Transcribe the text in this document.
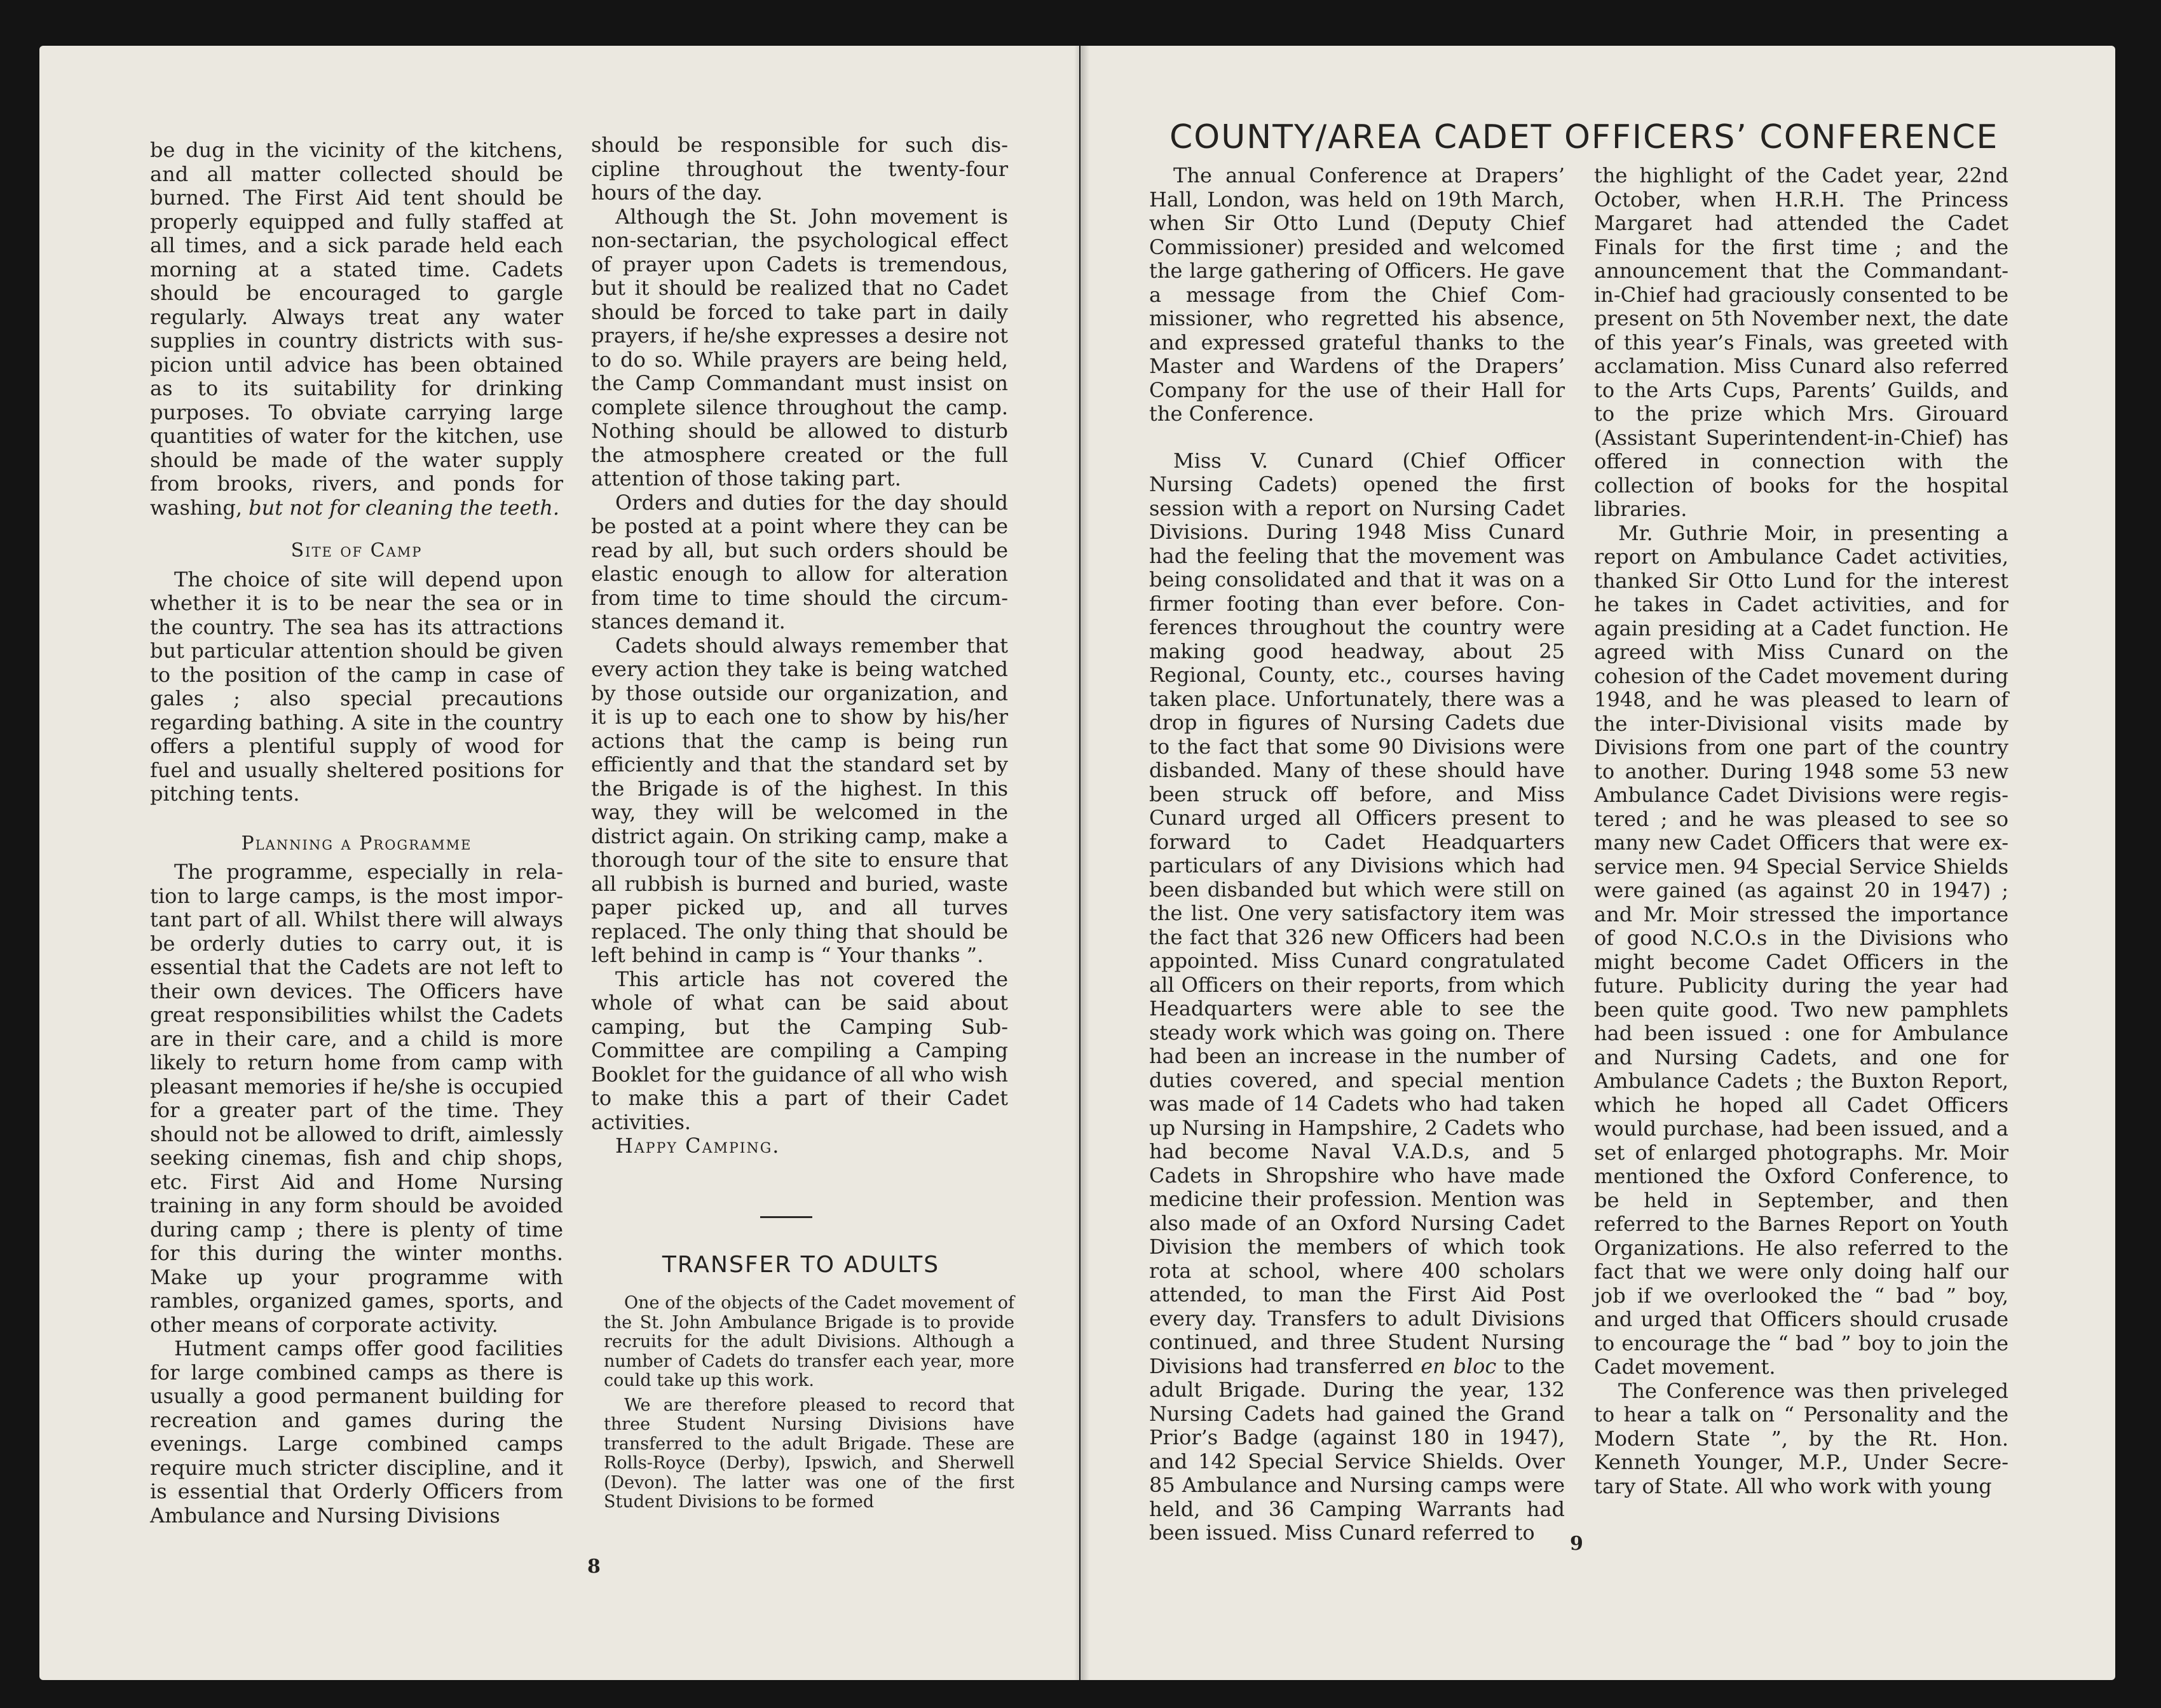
be dug in the vicinity of the kitchens, and all matter collected should be burned. The First Aid tent should be properly equipped and fully staffed at all times, and a sick parade held each morning at a stated time. Cadets should be encouraged to gargle regularly. Always treat any water supplies in country districts with suspicion until advice has been obtained as to its suitability for drinking purposes. To obviate carrying large quantities of water for the kitchen, use should be made of the water supply from brooks, rivers, and ponds for washing, but not for cleaning the teeth.

Site of Camp

The choice of site will depend upon whether it is to be near the sea or in the country. The sea has its attractions but particular attention should be given to the position of the camp in case of gales ; also special precautions regarding bathing. A site in the country offers a plentiful supply of wood for fuel and usually sheltered positions for pitching tents.

Planning a Programme

The programme, especially in relation to large camps, is the most important part of all. Whilst there will always be orderly duties to carry out, it is essential that the Cadets are not left to their own devices. The Officers have great responsibilities whilst the Cadets are in their care, and a child is more likely to return home from camp with pleasant memories if he/she is occupied for a greater part of the time. They should not be allowed to drift, aimlessly seeking cinemas, fish and chip shops, etc. First Aid and Home Nursing training in any form should be avoided during camp ; there is plenty of time for this during the winter months. Make up your programme with rambles, organized games, sports, and other means of corporate activity.

Hutment camps offer good facilities for large combined camps as there is usually a good permanent building for recreation and games during the evenings. Large combined camps require much stricter discipline, and it is essential that Orderly Officers from Ambulance and Nursing Divisions

should be responsible for such discipline throughout the twenty-four hours of the day.

Although the St. John movement is non-sectarian, the psychological effect of prayer upon Cadets is tremendous, but it should be realized that no Cadet should be forced to take part in daily prayers, if he/she expresses a desire not to do so. While prayers are being held, the Camp Commandant must insist on complete silence throughout the camp. Nothing should be allowed to disturb the atmosphere created or the full attention of those taking part.

Orders and duties for the day should be posted at a point where they can be read by all, but such orders should be elastic enough to allow for alteration from time to time should the circumstances demand it.

Cadets should always remember that every action they take is being watched by those outside our organization, and it is up to each one to show by his/her actions that the camp is being run efficiently and that the standard set by the Brigade is of the highest. In this way, they will be welcomed in the district again. On striking camp, make a thorough tour of the site to ensure that all rubbish is burned and buried, waste paper picked up, and all turves replaced. The only thing that should be left behind in camp is “ Your thanks ”.

This article has not covered the whole of what can be said about camping, but the Camping Sub-Committee are compiling a Camping Booklet for the guidance of all who wish to make this a part of their Cadet activities.

Happy Camping.
TRANSFER TO ADULTS

One of the objects of the Cadet movement of the St. John Ambulance Brigade is to provide recruits for the adult Divisions. Although a number of Cadets do transfer each year, more could take up this work.

We are therefore pleased to record that three Student Nursing Divisions have transferred to the adult Brigade. These are Rolls-Royce (Derby), Ipswich, and Sherwell (Devon). The latter was one of the first Student Divisions to be formed

8
COUNTY/AREA CADET OFFICERS’ CONFERENCE

The annual Conference at Drapers’ Hall, London, was held on 19th March, when Sir Otto Lund (Deputy Chief Commissioner) presided and welcomed the large gathering of Officers. He gave a message from the Chief Commissioner, who regretted his absence, and expressed grateful thanks to the Master and Wardens of the Drapers’ Company for the use of their Hall for the Conference.

Miss V. Cunard (Chief Officer Nursing Cadets) opened the first session with a report on Nursing Cadet Divisions. During 1948 Miss Cunard had the feeling that the movement was being consolidated and that it was on a firmer footing than ever before. Conferences throughout the country were making good headway, about 25 Regional, County, etc., courses having taken place. Unfortunately, there was a drop in figures of Nursing Cadets due to the fact that some 90 Divisions were disbanded. Many of these should have been struck off before, and Miss Cunard urged all Officers present to forward to Cadet Headquarters particulars of any Divisions which had been disbanded but which were still on the list. One very satisfactory item was the fact that 326 new Officers had been appointed. Miss Cunard congratulated all Officers on their reports, from which Headquarters were able to see the steady work which was going on. There had been an increase in the number of duties covered, and special mention was made of 14 Cadets who had taken up Nursing in Hampshire, 2 Cadets who had become Naval V.A.D.s, and 5 Cadets in Shropshire who have made medicine their profession. Mention was also made of an Oxford Nursing Cadet Division the members of which took rota at school, where 400 scholars attended, to man the First Aid Post every day. Transfers to adult Divisions continued, and three Student Nursing Divisions had transferred en bloc to the adult Brigade. During the year, 132 Nursing Cadets had gained the Grand Prior’s Badge (against 180 in 1947), and 142 Special Service Shields. Over 85 Ambulance and Nursing camps were held, and 36 Camping Warrants had been issued. Miss Cunard referred to

the highlight of the Cadet year, 22nd October, when H.R.H. The Princess Margaret had attended the Cadet Finals for the first time ; and the announcement that the Commandant-in-Chief had graciously consented to be present on 5th November next, the date of this year’s Finals, was greeted with acclamation. Miss Cunard also referred to the Arts Cups, Parents’ Guilds, and to the prize which Mrs. Girouard (Assistant Superintendent-in-Chief) has offered in connection with the collection of books for the hospital libraries.

Mr. Guthrie Moir, in presenting a report on Ambulance Cadet activities, thanked Sir Otto Lund for the interest he takes in Cadet activities, and for again presiding at a Cadet function. He agreed with Miss Cunard on the cohesion of the Cadet movement during 1948, and he was pleased to learn of the inter-Divisional visits made by Divisions from one part of the country to another. During 1948 some 53 new Ambulance Cadet Divisions were registered ; and he was pleased to see so many new Cadet Officers that were ex-service men. 94 Special Service Shields were gained (as against 20 in 1947) ; and Mr. Moir stressed the importance of good N.C.O.s in the Divisions who might become Cadet Officers in the future. Publicity during the year had been quite good. Two new pamphlets had been issued : one for Ambulance and Nursing Cadets, and one for Ambulance Cadets ; the Buxton Report, which he hoped all Cadet Officers would purchase, had been issued, and a set of enlarged photographs. Mr. Moir mentioned the Oxford Conference, to be held in September, and then referred to the Barnes Report on Youth Organizations. He also referred to the fact that we were only doing half our job if we overlooked the “ bad ” boy, and urged that Officers should crusade to encourage the “ bad ” boy to join the Cadet movement.

The Conference was then priveleged to hear a talk on “ Personality and the Modern State ”, by the Rt. Hon. Kenneth Younger, M.P., Under Secretary of State. All who work with young

9
